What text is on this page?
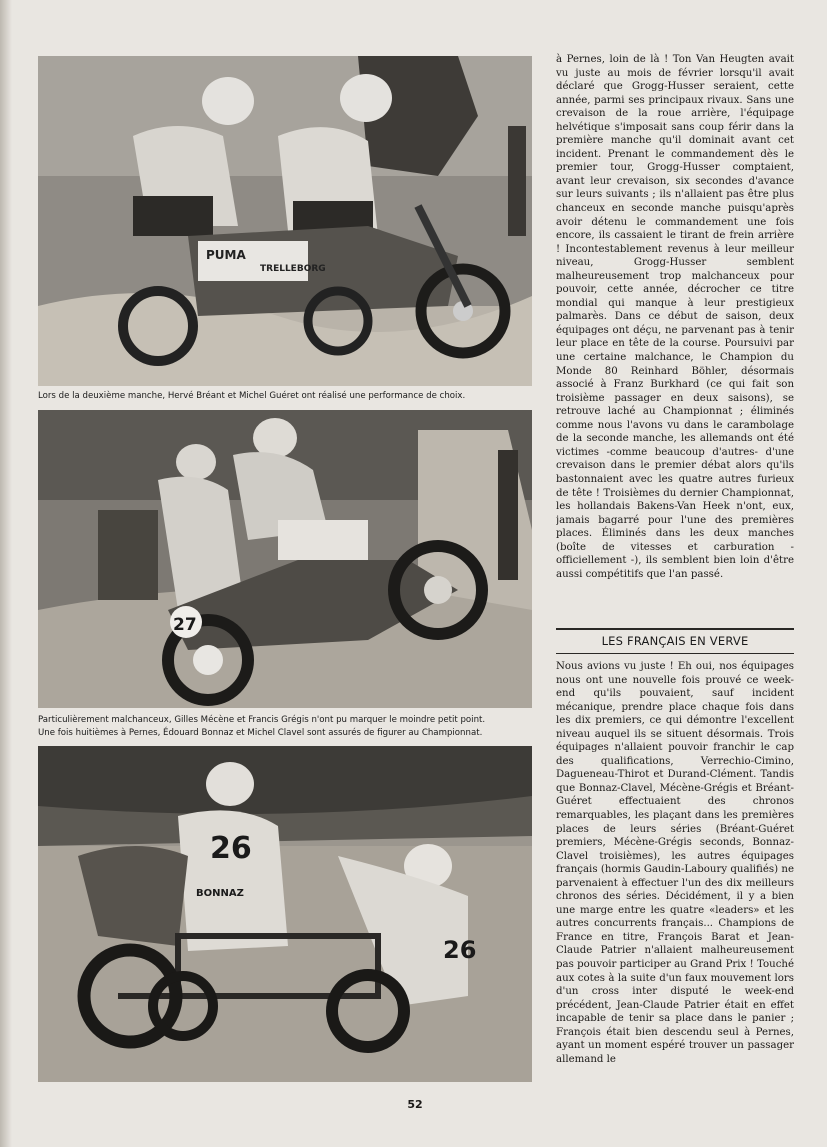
PUMA
TRELLEBORG
Lors de la deuxième manche, Hervé Bréant et Michel Guéret ont réalisé une performance de choix.
27
Particulièrement malchanceux, Gilles Mécène et Francis Grégis n'ont pu marquer le moindre petit point.
Une fois huitièmes à Pernes, Édouard Bonnaz et Michel Clavel sont assurés de figurer au Championnat.
26
BONNAZ
26

à Pernes, loin de là ! Ton Van Heugten avait vu juste au mois de février lorsqu'il avait déclaré que Grogg-Husser seraient, cette année, parmi ses principaux rivaux. Sans une crevaison de la roue arrière, l'équipage helvétique s'imposait sans coup férir dans la première manche qu'il dominait avant cet incident. Prenant le commandement dès le premier tour, Grogg-Husser comptaient, avant leur crevaison, six secondes d'avance sur leurs suivants ; ils n'allaient pas être plus chanceux en seconde manche puisqu'après avoir détenu le commandement une fois encore, ils cassaient le tirant de frein arrière ! Incontestablement revenus à leur meilleur niveau, Grogg-Husser semblent malheureusement trop malchanceux pour pouvoir, cette année, décrocher ce titre mondial qui manque à leur prestigieux palmarès. Dans ce début de saison, deux équipages ont déçu, ne parvenant pas à tenir leur place en tête de la course. Poursuivi par une certaine malchance, le Champion du Monde 80 Reinhard Böhler, désormais associé à Franz Burkhard (ce qui fait son troisième passager en deux saisons), se retrouve laché au Championnat ; éliminés comme nous l'avons vu dans le carambolage de la seconde manche, les allemands ont été victimes -comme beaucoup d'autres- d'une crevaison dans le premier débat alors qu'ils bastonnaient avec les quatre autres furieux de tête ! Troisièmes du dernier Championnat, les hollandais Bakens-Van Heek n'ont, eux, jamais bagarré pour l'une des premières places. Éliminés dans les deux manches (boîte de vitesses et carburation - officiellement -), ils semblent bien loin d'être aussi compétitifs que l'an passé.

LES FRANÇAIS EN VERVE

Nous avions vu juste ! Eh oui, nos équipages nous ont une nouvelle fois prouvé ce week-end qu'ils pouvaient, sauf incident mécanique, prendre place chaque fois dans les dix premiers, ce qui démontre l'excellent niveau auquel ils se situent désormais. Trois équipages n'allaient pouvoir franchir le cap des qualifications, Verrechio-Cimino, Dagueneau-Thirot et Durand-Clément. Tandis que Bonnaz-Clavel, Mécène-Grégis et Bréant-Guéret effectuaient des chronos remarquables, les plaçant dans les premières places de leurs séries (Bréant-Guéret premiers, Mécène-Grégis seconds, Bonnaz-Clavel troisièmes), les autres équipages français (hormis Gaudin-Laboury qualifiés) ne parvenaient à effectuer l'un des dix meilleurs chronos des séries. Décidément, il y a bien une marge entre les quatre «leaders» et les autres concurrents français... Champions de France en titre, François Barat et Jean-Claude Patrier n'allaient malheureusement pas pouvoir participer au Grand Prix ! Touché aux cotes à la suite d'un faux mouvement lors d'un cross inter disputé le week-end précédent, Jean-Claude Patrier était en effet incapable de tenir sa place dans le panier ; François était bien descendu seul à Pernes, ayant un moment espéré trouver un passager allemand le

52
